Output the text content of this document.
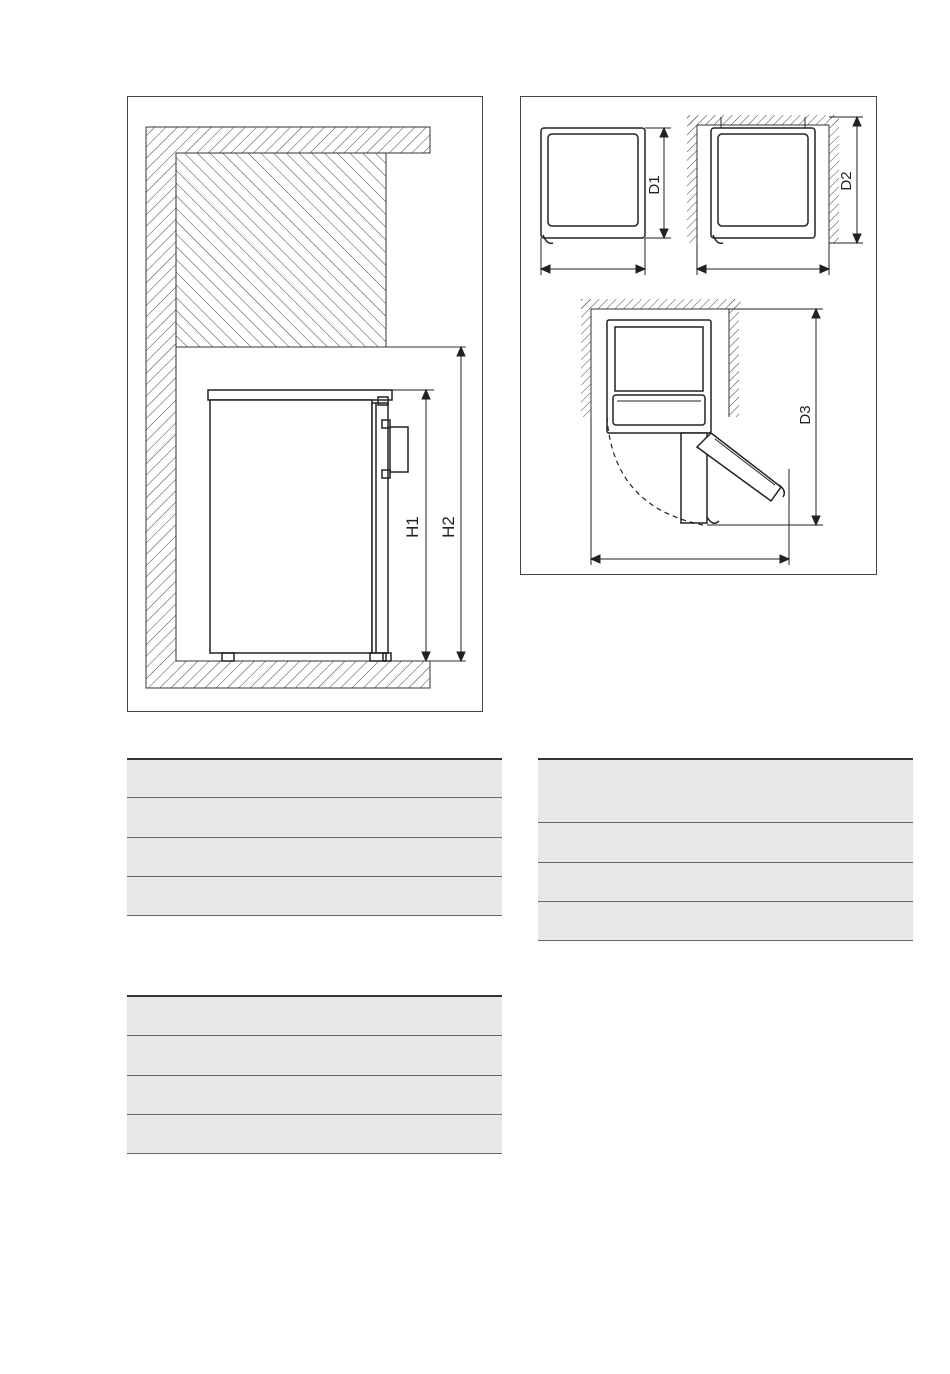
H1 H2
D1	D2
D3
